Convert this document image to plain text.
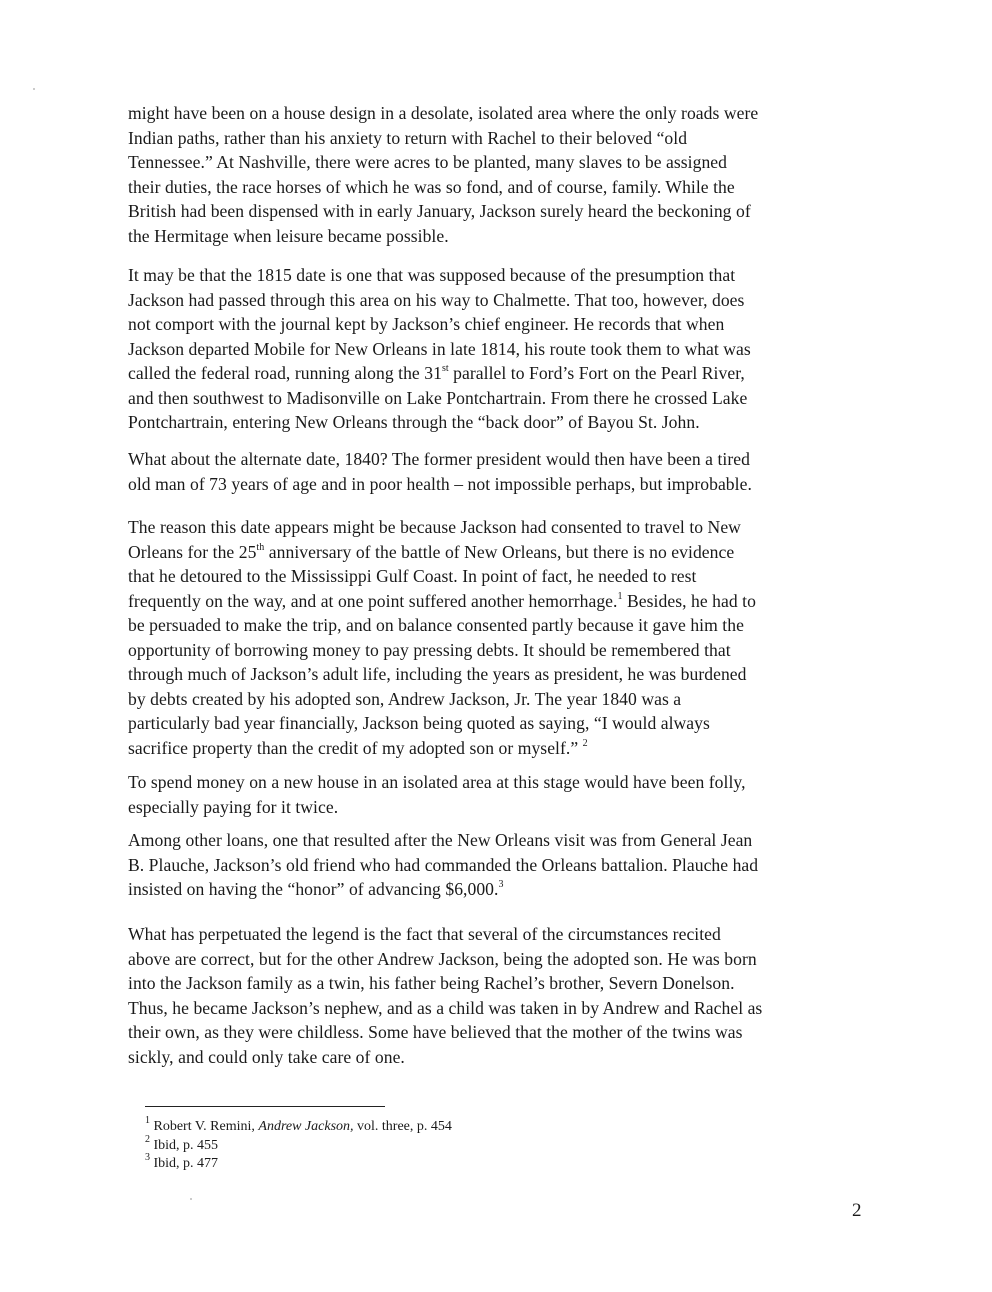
might have been on a house design in a desolate, isolated area where the only roads were
Indian paths, rather than his anxiety to return with Rachel to their beloved “old
Tennessee.” At Nashville, there were acres to be planted, many slaves to be assigned
their duties, the race horses of which he was so fond, and of course, family. While the
British had been dispensed with in early January, Jackson surely heard the beckoning of
the Hermitage when leisure became possible.
It may be that the 1815 date is one that was supposed because of the presumption that
Jackson had passed through this area on his way to Chalmette. That too, however, does
not comport with the journal kept by Jackson’s chief engineer. He records that when
Jackson departed Mobile for New Orleans in late 1814, his route took them to what was
called the federal road, running along the 31st parallel to Ford’s Fort on the Pearl River,
and then southwest to Madisonville on Lake Pontchartrain. From there he crossed Lake
Pontchartrain, entering New Orleans through the “back door” of Bayou St. John.
What about the alternate date, 1840? The former president would then have been a tired
old man of 73 years of age and in poor health – not impossible perhaps, but improbable.
The reason this date appears might be because Jackson had consented to travel to New
Orleans for the 25th anniversary of the battle of New Orleans, but there is no evidence
that he detoured to the Mississippi Gulf Coast. In point of fact, he needed to rest
frequently on the way, and at one point suffered another hemorrhage.$^1$ Besides, he had to
be persuaded to make the trip, and on balance consented partly because it gave him the
opportunity of borrowing money to pay pressing debts. It should be remembered that
through much of Jackson’s adult life, including the years as president, he was burdened
by debts created by his adopted son, Andrew Jackson, Jr. The year 1840 was a
particularly bad year financially, Jackson being quoted as saying, “I would always
sacrifice property than the credit of my adopted son or myself.” $^2$
To spend money on a new house in an isolated area at this stage would have been folly,
especially paying for it twice.
Among other loans, one that resulted after the New Orleans visit was from General Jean
B. Plauche, Jackson’s old friend who had commanded the Orleans battalion. Plauche had
insisted on having the “honor” of advancing $6,000.$^3$
What has perpetuated the legend is the fact that several of the circumstances recited
above are correct, but for the other Andrew Jackson, being the adopted son. He was born
into the Jackson family as a twin, his father being Rachel’s brother, Severn Donelson.
Thus, he became Jackson’s nephew, and as a child was taken in by Andrew and Rachel as
their own, as they were childless. Some have believed that the mother of the twins was
sickly, and could only take care of one.
$^1$ Robert V. Remini, Andrew Jackson, vol. three, p. 454
$^2$ Ibid, p. 455
$^3$ Ibid, p. 477
2
